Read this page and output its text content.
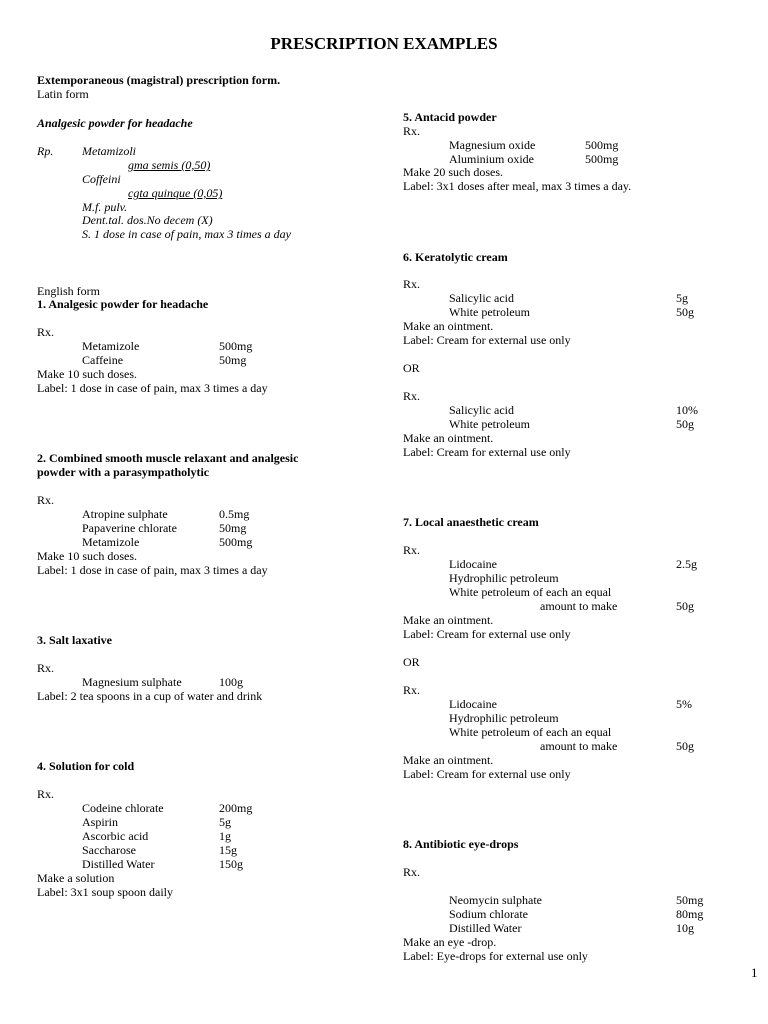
PRESCRIPTION EXAMPLES
Extemporaneous (magistral) prescription form.
Latin form
Analgesic powder for headache
Rp. Metamizoli
gma semis (0,50)
Coffeini
cgta quinque (0,05)
M.f. pulv.
Dent.tal. dos.No decem (X)
S. 1 dose in case of pain, max 3 times a day
English form
1. Analgesic powder for headache
Rx.
Metamizole	500mg
Caffeine	50mg
Make 10 such doses.
Label: 1 dose in case of pain, max 3 times a day
2. Combined smooth muscle relaxant and analgesic
powder with a parasympatholytic
Rx.
Atropine sulphate	0.5mg
Papaverine chlorate	50mg
Metamizole	500mg
Make 10 such doses.
Label: 1 dose in case of pain, max 3 times a day
3. Salt laxative
Rx.
Magnesium sulphate	100g
Label: 2 tea spoons in a cup of water and drink
4. Solution for cold
Rx.
Codeine chlorate	200mg
Aspirin	5g
Ascorbic acid	1g
Saccharose	15g
Distilled Water	150g
Make a solution
Label: 3x1 soup spoon daily
5. Antacid powder
Rx.
Magnesium oxide	500mg
Aluminium oxide	500mg
Make 20 such doses.
Label: 3x1 doses after meal, max 3 times a day.
6. Keratolytic cream
Rx.
Salicylic acid	5g
White petroleum	50g
Make an ointment.
Label: Cream for external use only
OR
Rx.
Salicylic acid	10%
White petroleum	50g
Make an ointment.
Label: Cream for external use only
7. Local anaesthetic cream
Rx.
Lidocaine	2.5g
Hydrophilic petroleum
White petroleum of each an equal
amount to make	50g
Make an ointment.
Label: Cream for external use only
OR
Rx.
Lidocaine	5%
Hydrophilic petroleum
White petroleum of each an equal
amount to make	50g
Make an ointment.
Label: Cream for external use only
8. Antibiotic eye-drops
Rx.
Neomycin sulphate	50mg
Sodium chlorate	80mg
Distilled Water	10g
Make an eye -drop.
Label: Eye-drops for external use only
1
